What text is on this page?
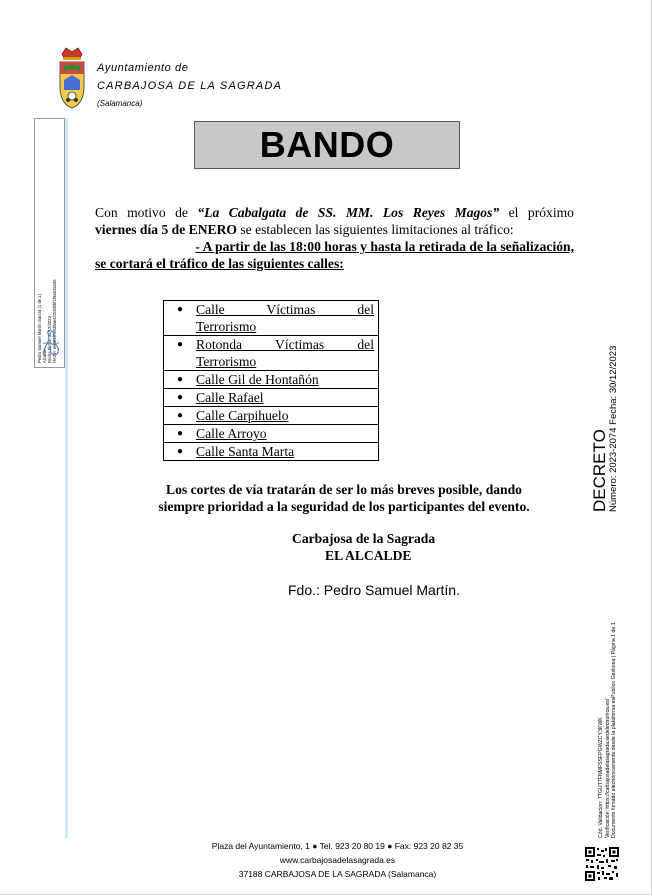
Ayuntamiento de
CARBAJOSA DE LA SAGRADA
(Salamanca)
Pedro Samuel Martín García (1 de 1) Alcalde Fecha Firma: 30/12/2023 HASH: e93e4f768d9ae422c6f0bf1f9a62a436
BANDO
Con motivo de “La Cabalgata de SS. MM. Los Reyes Magos” el próximo
viernes día 5 de ENERO se establecen las siguientes limitaciones al tráfico:
- A partir de las 18:00 horas y hasta la retirada de la señalización,
se cortará el tráfico de las siguientes calles:
●	Calle Víctimas del
Terrorismo
●	Rotonda Víctimas del
Terrorismo
●	Calle Gil de Hontañón
●	Calle Rafael
●	Calle Carpihuelo
●	Calle Arroyo
●	Calle Santa Marta
Los cortes de vía tratarán de ser lo más breves posible, dando
siempre prioridad a la seguridad de los participantes del evento.
Carbajosa de la Sagrada
EL ALCALDE
Fdo.: Pedro Samuel Martín.
DECRETO Número: 2023-2074 Fecha: 30/12/2023
Cód. Validación: 7TGUT7FNMFSSFPGWZCY3KWK Verificación: https://carbajosadelasagrada.sedelectronica.es/ Documento firmado electrónicamente desde la plataforma esPublico Gestiona | Página 1 de 1
Plaza del Ayuntamiento, 1 ● Tel. 923 20 80 19 ● Fax: 923 20 82 35
www.carbajosadelasagrada.es
37188 CARBAJOSA DE LA SAGRADA (Salamanca)
